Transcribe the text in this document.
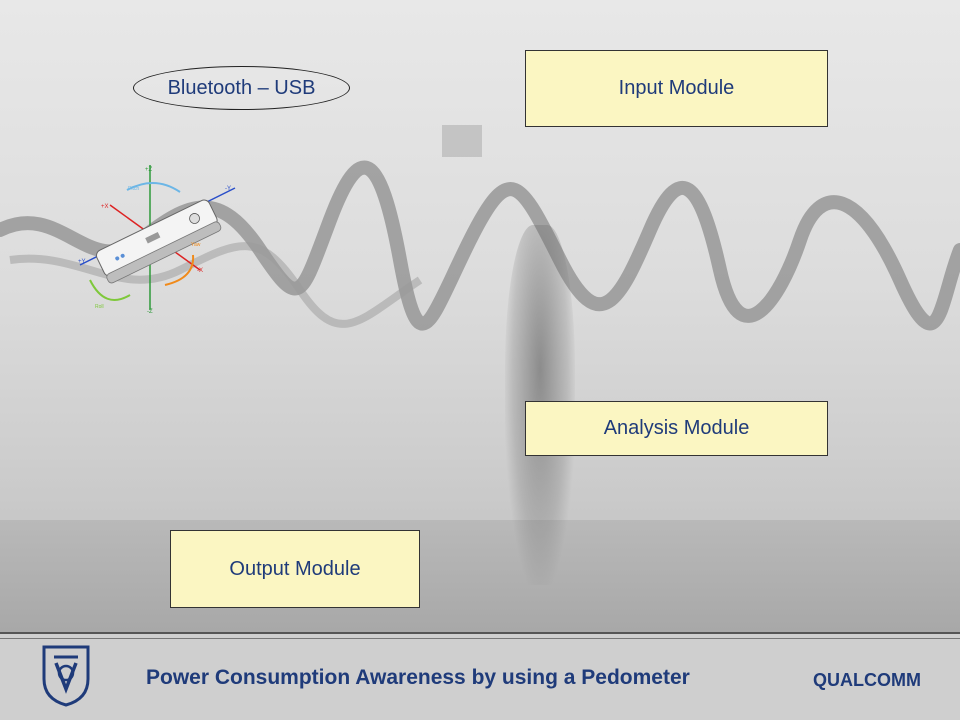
Bluetooth – USB
+Z
-Z
-Y
+Y
+X
-X
Pitch
Yaw
Roll
Input Module
Analysis Module
Output Module
Power Consumption Awareness by using a Pedometer	QUALCOMM
